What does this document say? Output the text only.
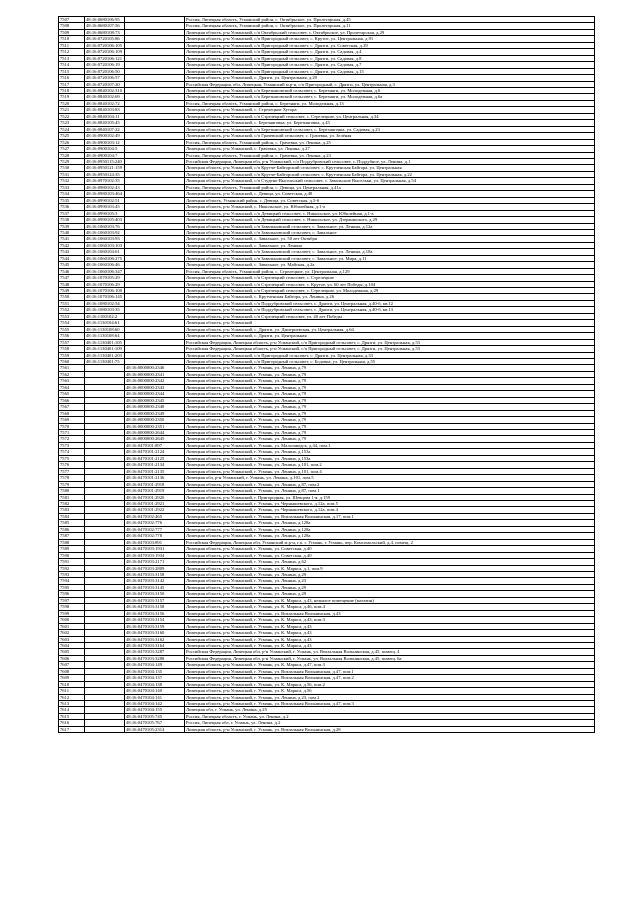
7507	48:16:0680106:95		Россия, Липецкая область, Усманский район, с. Октябрьское, ул. Пролетарская, д.45
7508	48:16:0680107:56		Россия, Липецкая область, Усманский район, с. Октябрьское, ул. Пролетарская, д.11
7509	48:16:0680108:73		Липецкая область, р-н Усманский, с/п Октябрьский сельсовет, с. Октябрьское, ул. Пролетарская, д.29
7510	48:16:0720105:86		Липецкая область, р-н Усманский, с/п Пригородный сельсовет, с. Крутое, ул. Центральная, д.91
7511	48:16:0720106:105		Липецкая область, р-н Усманский, с/п Пригородный сельсовет, с. Дрязги, ул. Советская, д.29
7512	48:16:0720106:109		Липецкая область, р-н Усманский, с/п Пригородный сельсовет, с. Дрязги, ул. Садовая, д.4
7513	48:16:0720106:121		Липецкая область, р-н Усманский, с/п Пригородный сельсовет, с. Дрязги, ул. Садовая, д.8
7514	48:16:0720106:19		Липецкая область, р-н Усманский, с/п Пригородный сельсовет, с. Дрязги, ул. Садовая, д.7
7515	48:16:0720106:50		Липецкая область, р-н Усманский, с/п Пригородный сельсовет, с. Дрязги, ул. Садовая, д.15
7516	48:16:0720106:57		Липецкая область, р-н Усманский, с. Дрязги, ул. Центральная, д.29
7517	48:16:0720107:20		Российская Федерация, обл. Липецкая, Усманский м.р-н, с/п Пригородный, с. Дрязги, ул. Центральная, д.3
7518	48:16:0840102:310		Липецкая область, р-н Усманский, с/п Березняговский сельсовет, с. Березняги, ул. Молодежная, д.6
7519	48:16:0840102:69		Липецкая область, р-н Усманский, с/п Березняговский сельсовет, с. Березняги, ул. Молодежная, д.6а
7520	48:16:0840102:72		Россия, Липецкая область, Усманский район, с. Березняги, ул. Молодежная, д.13
7521	48:16:0840103:83		Липецкая область, р-н Усманский, с. Стрелецкие Хутора
7522	48:16:0840104:11		Липецкая область, р-н Усманский, с/п Стрелецкий сельсовет, с. Стрелецкие, ул. Центральная, д.34
7523	48:16:0840105:45		Липецкая область, р-н Усманский, с. Березняговка, ул. Березняговка, д.45
7524	48:16:0840107:22		Липецкая область, р-н Усманский, с/п Березняговский сельсовет, с. Березняговка, ул. Садовая, д.23
7525	48:16:0900102:49		Липецкая область, р-н Усманский, с/п Грачевский сельсовет, с. Грачевка, ул. Зелёная
7526	48:16:0900103:12		Россия, Липецкая область, Усманский район, с. Грачевка, ул. Ленина, д.25
7527	48:16:0900104:5		Липецкая область, р-н Усманский, с. Грачевка, ул. Ленина, д.27
7528	48:16:0900104:7		Россия, Липецкая область, Усманский район, с. Грачевка, ул. Ленина, д.23
7529	48:16:0950115:240		Российская Федерация, Липецкая обл, р-н Усманский, с/п Поддубровский сельсовет, с. Поддубное, ул. Ленина, д.1
7530	48:16:0950121:159		Липецкая область, р-н Усманский, с/п Крутче-Байгорский сельсовет, с. Крутченская Байгора, ул. Центральная
7531	48:16:0950124:35		Липецкая область, р-н Усманский, с/п Крутче-Байгорский сельсовет, с. Крутченская Байгора, ул. Центральная, д.22
7532	48:16:0970102:35		Липецкая область, р-н Усманский, с/п Студено-Высельский сельсовет, с. Завальские Высельки, ул. Центральная, д.54
7533	48:16:0980102:43		Россия, Липецкая область, Усманский район, с. Девица, ул. Центральная, д.41а
7534	48:16:0980103:464		Липецкая область, р-н Усманский, с. Девица, ул. Советская, д.48
7535	48:16:0990102:51		Липецкая область, Усманский район, с. Девица, ул. Советская, д.5-6
7536	48:16:0990103:45		Липецкая область, р-н Усманский, с. Никольское, ул. Юбилейная, д.1-а
7537	48:16:0990105:3		Липецкая область, р-н Усманский, с/п Девицкий сельсовет, с. Никольское, ул. Юбилейная, д.1-а
7538	48:16:0990105:403		Липецкая область, р-н Усманский, с/п Девицкий сельсовет, с. Никольское, ул. Дзержинского, д.29
7539	48:16:1060103:76		Липецкая область, р-н Усманский, с/п Завальновский сельсовет, с. Завальное, ул. Ленина, д.12а
7540	48:16:1060103:92		Липецкая область, р-н Усманский, с/п Завальновский сельсовет, с. Завальное
7541	48:16:1060103:93		Липецкая область, р-н Усманский, с. Завальное, ул. 50 лет Октября
7542	48:16:1060103:103		Липецкая область, р-н Усманский, с. Завальное, ул. Ленина
7543	48:16:1060104:61		Липецкая область, р-н Усманский, с/п Завальновский сельсовет, с. Завальное, ул. Ленина, д.18а
7544	48:16:1060106:275		Липецкая область, р-н Усманский, с/п Завальновский сельсовет, с. Завальное, ул. Мира, д.11
7545	48:16:1060106:46		Липецкая область, р-н Усманский, с. Завальное, ул. Майская, д.2а
7546	48:16:1060106:347		Россия, Липецкая область, Усманский район, с. Стрелецкие, ул. Центральная, д.129
7547	48:16:1070105:29		Липецкая область, р-н Усманский, с/п Стрелецкий сельсовет, с. Стрелецкие
7548	48:16:1070106:29		Липецкая область, р-н Усманский, с/п Стрелецкий сельсовет, с. Крутое, ул. 60 лет Победы, д.104
7549	48:16:1070106:100		Липецкая область, р-н Усманский, с/п Стрелецкий сельсовет, с. Стрелецкие, ул. Молодежная, д.29
7550	48:16:1070106:145		Липецкая область, р-н Усманский, с. Крутченская Байгора, ул. Ленина, д.26
7551	48:16:1080102:54		Липецкая область, р-н Усманский, с/п Поддубровский сельсовет, с. Дрязги, ул. Центральная, д.40-б, кв.12
7552	48:16:1080103:35		Липецкая область, р-н Усманский, с/п Поддубровский сельсовет, с. Дрязги, ул. Центральная, д.40-б, кв.13
7553	48:16:1100102:2		Липецкая область, р-н Усманский, с/п Стрелецкий сельсовет, ул. 40 лет Победы
7554	48:16:1130104:61		Липецкая область, р-н Усманский
7555	48:16:1130108:60		Липецкая область, р-н Усманский, с. Дрязги, ул. Дмитриевская, ул. Центральная, д.64
7556	48:16:1130108:64		Липецкая область, р-н Усманский, с. Дрязги, ул. Центральная
7557	48:16:1130401:105		Российская Федерация, Липецкая область, р-н Усманский, с/п Пригородный сельсовет, с. Дрязги, ул. Центральная, д.53
7558	48:16:1130401:109		Российская Федерация, Липецкая область, р-н Усманский, с/п Пригородный сельсовет, с. Дрязги, ул. Центральная, д.53
7559	48:16:1130401:203		Липецкая область, р-н Усманский, с/п Пригородный сельсовет, с. Дрязги, ул. Центральная, д.33
7560	48:16:1130401:75		Липецкая область, р-н Усманский, с/п Пригородный сельсовет, с. Бодовка, ул. Центральная, д.55
7561		48:16:0000000:2346	Липецкая область, р-н Усманский, г. Усмань, ул. Ленина, д.79
7562		48:16:0000000:2341	Липецкая область, р-н Усманский, г. Усмань, ул. Ленина, д.79
7563		48:16:0000000:2342	Липецкая область, р-н Усманский, г. Усмань, ул. Ленина, д.79
7564		48:16:0000000:2343	Липецкая область, р-н Усманский, г. Усмань, ул. Ленина, д.79
7565		48:16:0000000:2344	Липецкая область, р-н Усманский, г. Усмань, ул. Ленина, д.79
7566		48:16:0000000:2345	Липецкая область, р-н Усманский, г. Усмань, ул. Ленина, д.79
7567		48:16:0000000:2348	Липецкая область, р-н Усманский, г. Усмань, ул. Ленина, д.79
7568		48:16:0000000:2349	Липецкая область, р-н Усманский, г. Усмань, ул. Ленина, д.79
7569		48:16:0000000:2350	Липецкая область, р-н Усманский, г. Усмань, ул. Ленина, д.79
7570		48:16:0000000:2351	Липецкая область, р-н Усманский, г. Усмань, ул. Ленина, д.79
7571		48:16:0000000:2644	Липецкая область, р-н Усманский, г. Усмань, ул. Ленина, д.79
7572		48:16:0000000:2645	Липецкая область, р-н Усманский, г. Усмань, ул. Ленина, д.79
7573		48:16:0470101:897	Липецкая область, р-н Усманский, г. Усмань, ул. Малозаводск, д.44, пом.1
7574		48:16:0470101:2124	Липецкая область, р-н Усманский, г. Усмань, ул. Ленина, д.153а
7575		48:16:0470101:2125	Липецкая область, р-н Усманский, г. Усмань, ул. Ленина, д.153а
7576		48:16:0470101:2134	Липецкая область, р-н Усманский, г. Усмань, ул. Ленина, д.101, пом.2
7577		48:16:0470101:2135	Липецкая область, р-н Усманский, г. Усмань, ул. Ленина, д.101, пом.4
7578		48:16:0470101:2136	Липецкая обл, р-н Усманский, г. Усмань, ул. Ленина, д.101, пом.5
7579		48:16:0470101:2918	Липецкая область, р-н Усманский, г. Усмань, ул. Ленина, д.87, пом.2
7580		48:16:0470101:2919	Липецкая область, р-н Усманский, г. Усмань, ул. Ленина, д.87, пом.1
7581		48:16:0470101:2920	Липецкая область, р-н Усманский, г. Пригородная, ул. Шевцова 1-я, д.159
7582		48:16:0470101:2921	Липецкая область, р-н Усманский, г. Усмань, ул. Чернышевского, д.12а, пом.5
7583		48:16:0470101:2922	Липецкая область, р-н Усманский, г. Усмань, ул. Чернышевского, д.12а, пом.4
7584		48:16:0470102:465	Липецкая область, р-н Усманский, г. Усмань, ул. Вокзальная Вольнинская, д.17, пом.1
7585		48:16:0470102:776	Липецкая область, р-н Усманский, г. Усмань, ул. Ленина, д.128а
7586		48:16:0470102:777	Липецкая область, р-н Усманский, г. Усмань, ул. Ленина, д.128а
7587		48:16:0470102:778	Липецкая область, р-н Усманский, г. Усмань, ул. Ленина, д.128а
7588		48:16:0470103:891	Российская Федерация, Липецкая обл, Усманский м.р-н, г.п. г. Усмань, г. Усмань, пер. Комсомольский, д.4, помещ. 2
7589		48:16:0470103:1931	Липецкая область, р-н Усманский, г. Усмань, ул. Советская, д.40
7590		48:16:0470103:1934	Липецкая область, р-н Усманский, г. Усмань, ул. Советская, д.40
7591		48:16:0470103:2171	Липецкая область, р-н Усманский, г. Усмань, ул. Ленина, д.62
7592		48:16:0470103:2809	Липецкая область, р-н Усманский, г. Усмань, ул. К. Маркса, д.1, пом.9
7593		48:16:0470103:3158	Липецкая область, р-н Усманский, г. Усмань, ул. Ленина, д.29
7594		48:16:0470103:3142	Липецкая область, р-н Усманский, г. Усмань, ул. Ленина, д.23
7595		48:16:0470103:3145	Липецкая область, р-н Усманский, г. Усмань, ул. Ленина, д.29
7596		48:16:0470103:3150	Липецкая область, р-н Усманский, г. Усмань, ул. Ленина, д.29
7597		48:16:0470103:3157	Липецкая область, р-н Усманский, г. Усмань, ул. К. Маркса, д.43, нежилое помещение (магазин)
7598		48:16:0470103:3158	Липецкая область, р-н Усманский, г. Усмань, ул. К. Маркса, д.46, пом.4
7599		48:16:0470103:3156	Липецкая область, р-н Усманский, г. Усмань, ул. Вокзальная Вольнинская, д.43
7600		48:16:0470103:3154	Липецкая область, р-н Усманский, г. Усмань, ул. К. Маркса, д.43, пом.3
7601		48:16:0470103:3159	Липецкая область, р-н Усманский, г. Усмань, ул. К. Маркса, д.43
7602		48:16:0470103:3160	Липецкая область, р-н Усманский, г. Усмань, ул. К. Маркса, д.43
7603		48:16:0470103:3162	Липецкая область, р-н Усманский, г. Усмань, ул. К. Маркса, д.43
7604		48:16:0470103:3164	Липецкая область, р-н Усманский, г. Усмань, ул. К. Маркса, д.43
7605		48:16:0470103:3287	Российская Федерация, Липецкая обл, р-н Усманский, г. Усмань, ул. Вокзальная Вольнинская, д.45, помещ. 4
7606		48:16:0470103:3288	Российская Федерация, Липецкая обл, р-н Усманский, г. Усмань, ул. Вокзальная Вольнинская, д.45, помещ. 6а
7607		48:16:0470104:149	Липецкая область, р-н Усманский, г. Усмань, ул. К. Маркса, д.47, пом.3
7608		48:16:0470104:135	Липецкая область, р-н Усманский, г. Усмань, ул. Вокзальная Вольнинская, д.47, пом.1
7609		48:16:0470104:137	Липецкая область, р-н Усманский, г. Усмань, ул. Вокзальная Вольнинская, д.47, пом.2
7610		48:16:0470104:138	Липецкая область, р-н Усманский, г. Усмань, ул. К. Маркса, д.56, пом.2
7611		48:16:0470104:140	Липецкая область, р-н Усманский, г. Усмань, ул. К. Маркса, д.56
7612		48:16:0470104:141	Липецкая область, р-н Усманский, г. Усмань, ул. Ленина, д.23, пом.2
7613		48:16:0470104:142	Липецкая область, р-н Усманский, г. Усмань, ул. Вокзальная Вольнинская, д.47, пом.3
7614		48:16:0470104:155	Липецкая обл, г. Усмань, ул. Ленина, д.25
7615		48:16:0470105:745	Россия, Липецкая область, г. Усмань, ул. Ленина, д.2
7616		48:16:0470105:767	Россия, Липецкая обл, г. Усмань, ул. Ленина, д.2
7617		48:16:0470105:2314	Липецкая область, р-н Усманский, г. Усмань, ул. Вокзальная Вольнинская, д.28
